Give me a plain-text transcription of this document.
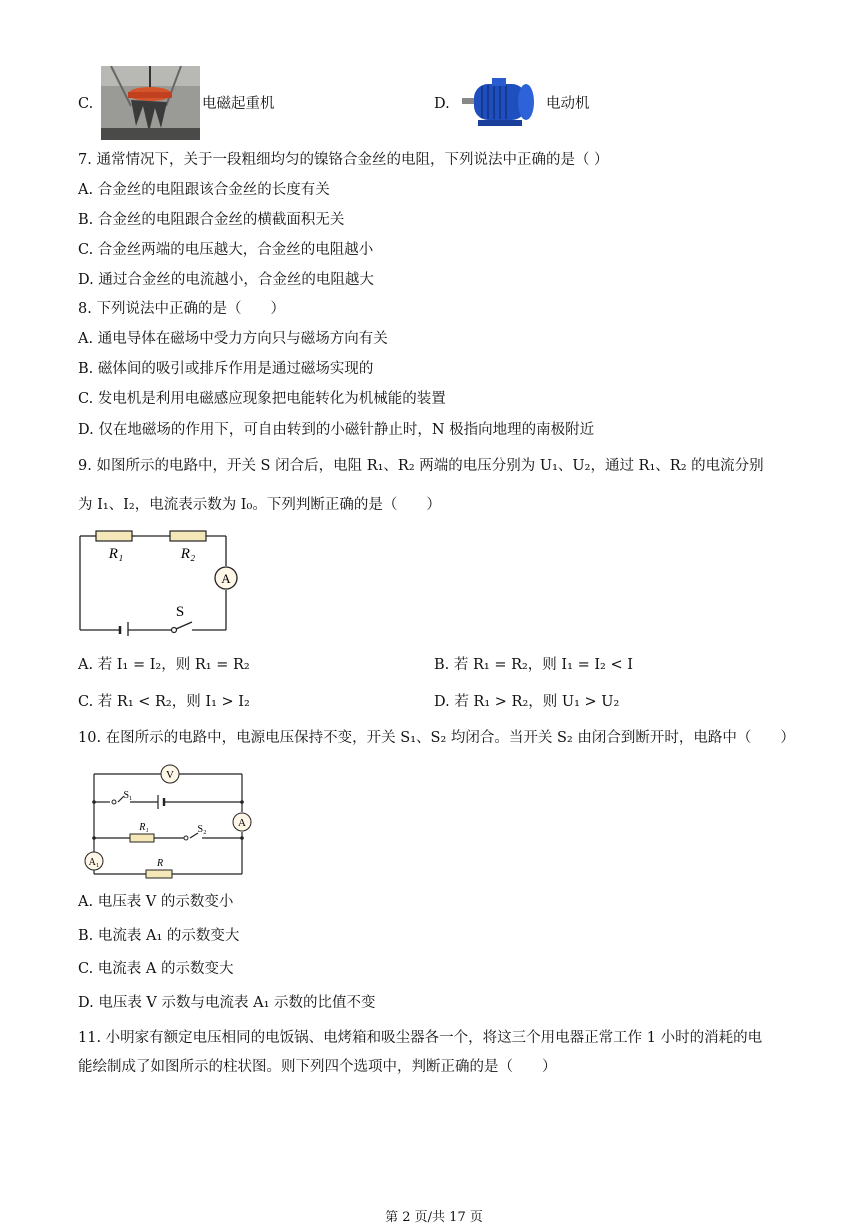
C.	电磁起重机	D.	电动机
7. 通常情况下，关于一段粗细均匀的镍铬合金丝的电阻，下列说法中正确的是（ ）
A. 合金丝的电阻跟该合金丝的长度有关
B. 合金丝的电阻跟合金丝的横截面积无关
C. 合金丝两端的电压越大，合金丝的电阻越小
D. 通过合金丝的电流越小，合金丝的电阻越大
8. 下列说法中正确的是（　　）
A. 通电导体在磁场中受力方向只与磁场方向有关
B. 磁体间的吸引或排斥作用是通过磁场实现的
C. 发电机是利用电磁感应现象把电能转化为机械能的装置
D. 仅在地磁场的作用下，可自由转到的小磁针静止时，N 极指向地理的南极附近
9. 如图所示的电路中，开关 S 闭合后，电阻 R₁、R₂ 两端的电压分别为 U₁、U₂，通过 R₁、R₂ 的电流分别
为 I₁、I₂，电流表示数为 I₀。下列判断正确的是（　　）
A
R₁	R₂
S
A. 若 I₁ = I₂，则 R₁ = R₂	B. 若 R₁ = R₂，则 I₁ = I₂ < I
C. 若 R₁ < R₂，则 I₁ > I₂	D. 若 R₁ > R₂，则 U₁ > U₂
10. 在图所示的电路中，电源电压保持不变，开关 S₁、S₂ 均闭合。当开关 S₂ 由闭合到断开时，电路中（　　）
V
A
A₁
S₁
R₁	S₂
R
A. 电压表 V 的示数变小
B. 电流表 A₁ 的示数变大
C. 电流表 A 的示数变大
D. 电压表 V 示数与电流表 A₁ 示数的比值不变
11. 小明家有额定电压相同的电饭锅、电烤箱和吸尘器各一个，将这三个用电器正常工作 1 小时的消耗的电
能绘制成了如图所示的柱状图。则下列四个选项中，判断正确的是（　　）
第 2 页/共 17 页
